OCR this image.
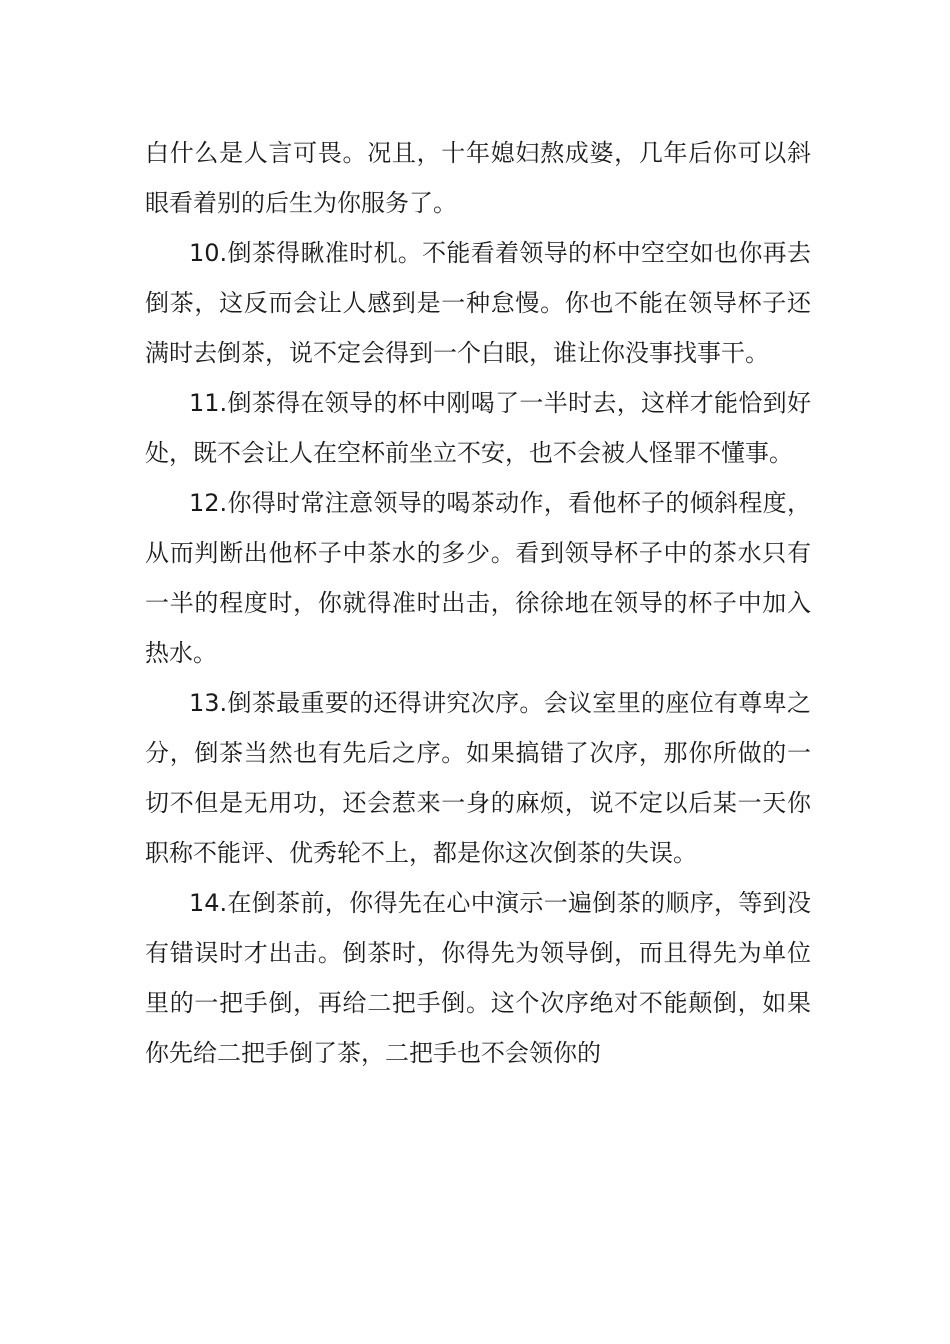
白什么是人言可畏。况且，十年媳妇熬成婆，几年后你可以斜眼看着别的后生为你服务了。

10.倒茶得瞅准时机。不能看着领导的杯中空空如也你再去倒茶，这反而会让人感到是一种怠慢。你也不能在领导杯子还满时去倒茶，说不定会得到一个白眼，谁让你没事找事干。

11.倒茶得在领导的杯中刚喝了一半时去，这样才能恰到好处，既不会让人在空杯前坐立不安，也不会被人怪罪不懂事。

12.你得时常注意领导的喝茶动作，看他杯子的倾斜程度，从而判断出他杯子中茶水的多少。看到领导杯子中的茶水只有一半的程度时，你就得准时出击，徐徐地在领导的杯子中加入热水。

13.倒茶最重要的还得讲究次序。会议室里的座位有尊卑之分，倒茶当然也有先后之序。如果搞错了次序，那你所做的一切不但是无用功，还会惹来一身的麻烦，说不定以后某一天你职称不能评、优秀轮不上，都是你这次倒茶的失误。

14.在倒茶前，你得先在心中演示一遍倒茶的顺序，等到没有错误时才出击。倒茶时，你得先为领导倒，而且得先为单位里的一把手倒，再给二把手倒。这个次序绝对不能颠倒，如果你先给二把手倒了茶，二把手也不会领你的
